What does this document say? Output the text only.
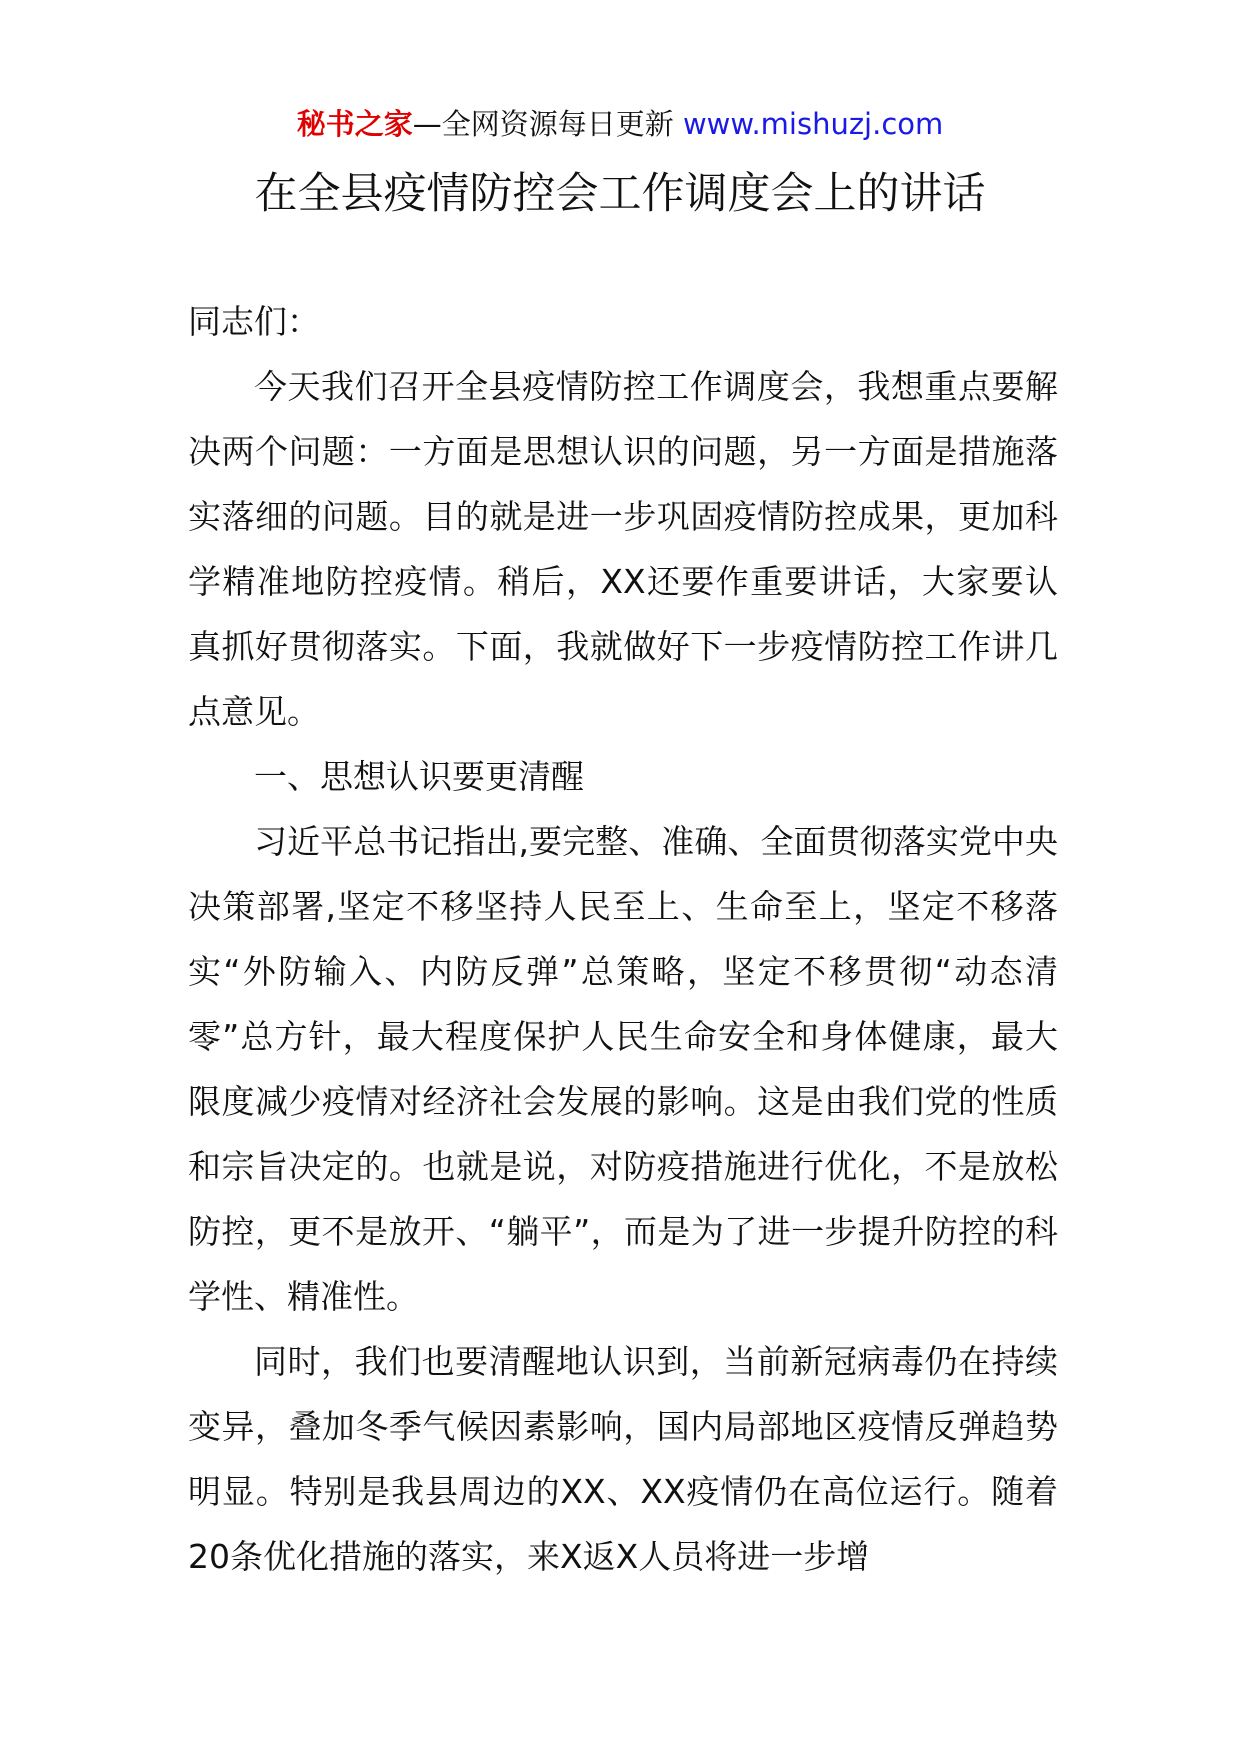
秘书之家—全网资源每日更新 www.mishuzj.com
在全县疫情防控会工作调度会上的讲话

同志们：

今天我们召开全县疫情防控工作调度会，我想重点要解决两个问题：一方面是思想认识的问题，另一方面是措施落实落细的问题。目的就是进一步巩固疫情防控成果，更加科学精准地防控疫情。稍后，XX还要作重要讲话，大家要认真抓好贯彻落实。下面，我就做好下一步疫情防控工作讲几点意见。

一、思想认识要更清醒

习近平总书记指出,要完整、准确、全面贯彻落实党中央决策部署,坚定不移坚持人民至上、生命至上，坚定不移落实“外防输入、内防反弹”总策略，坚定不移贯彻“动态清零”总方针，最大程度保护人民生命安全和身体健康，最大限度减少疫情对经济社会发展的影响。这是由我们党的性质和宗旨决定的。也就是说，对防疫措施进行优化，不是放松防控，更不是放开、“躺平”，而是为了进一步提升防控的科学性、精准性。

同时，我们也要清醒地认识到，当前新冠病毒仍在持续变异，叠加冬季气候因素影响，国内局部地区疫情反弹趋势明显。特别是我县周边的XX、XX疫情仍在高位运行。随着20条优化措施的落实，来X返X人员将进一步增
